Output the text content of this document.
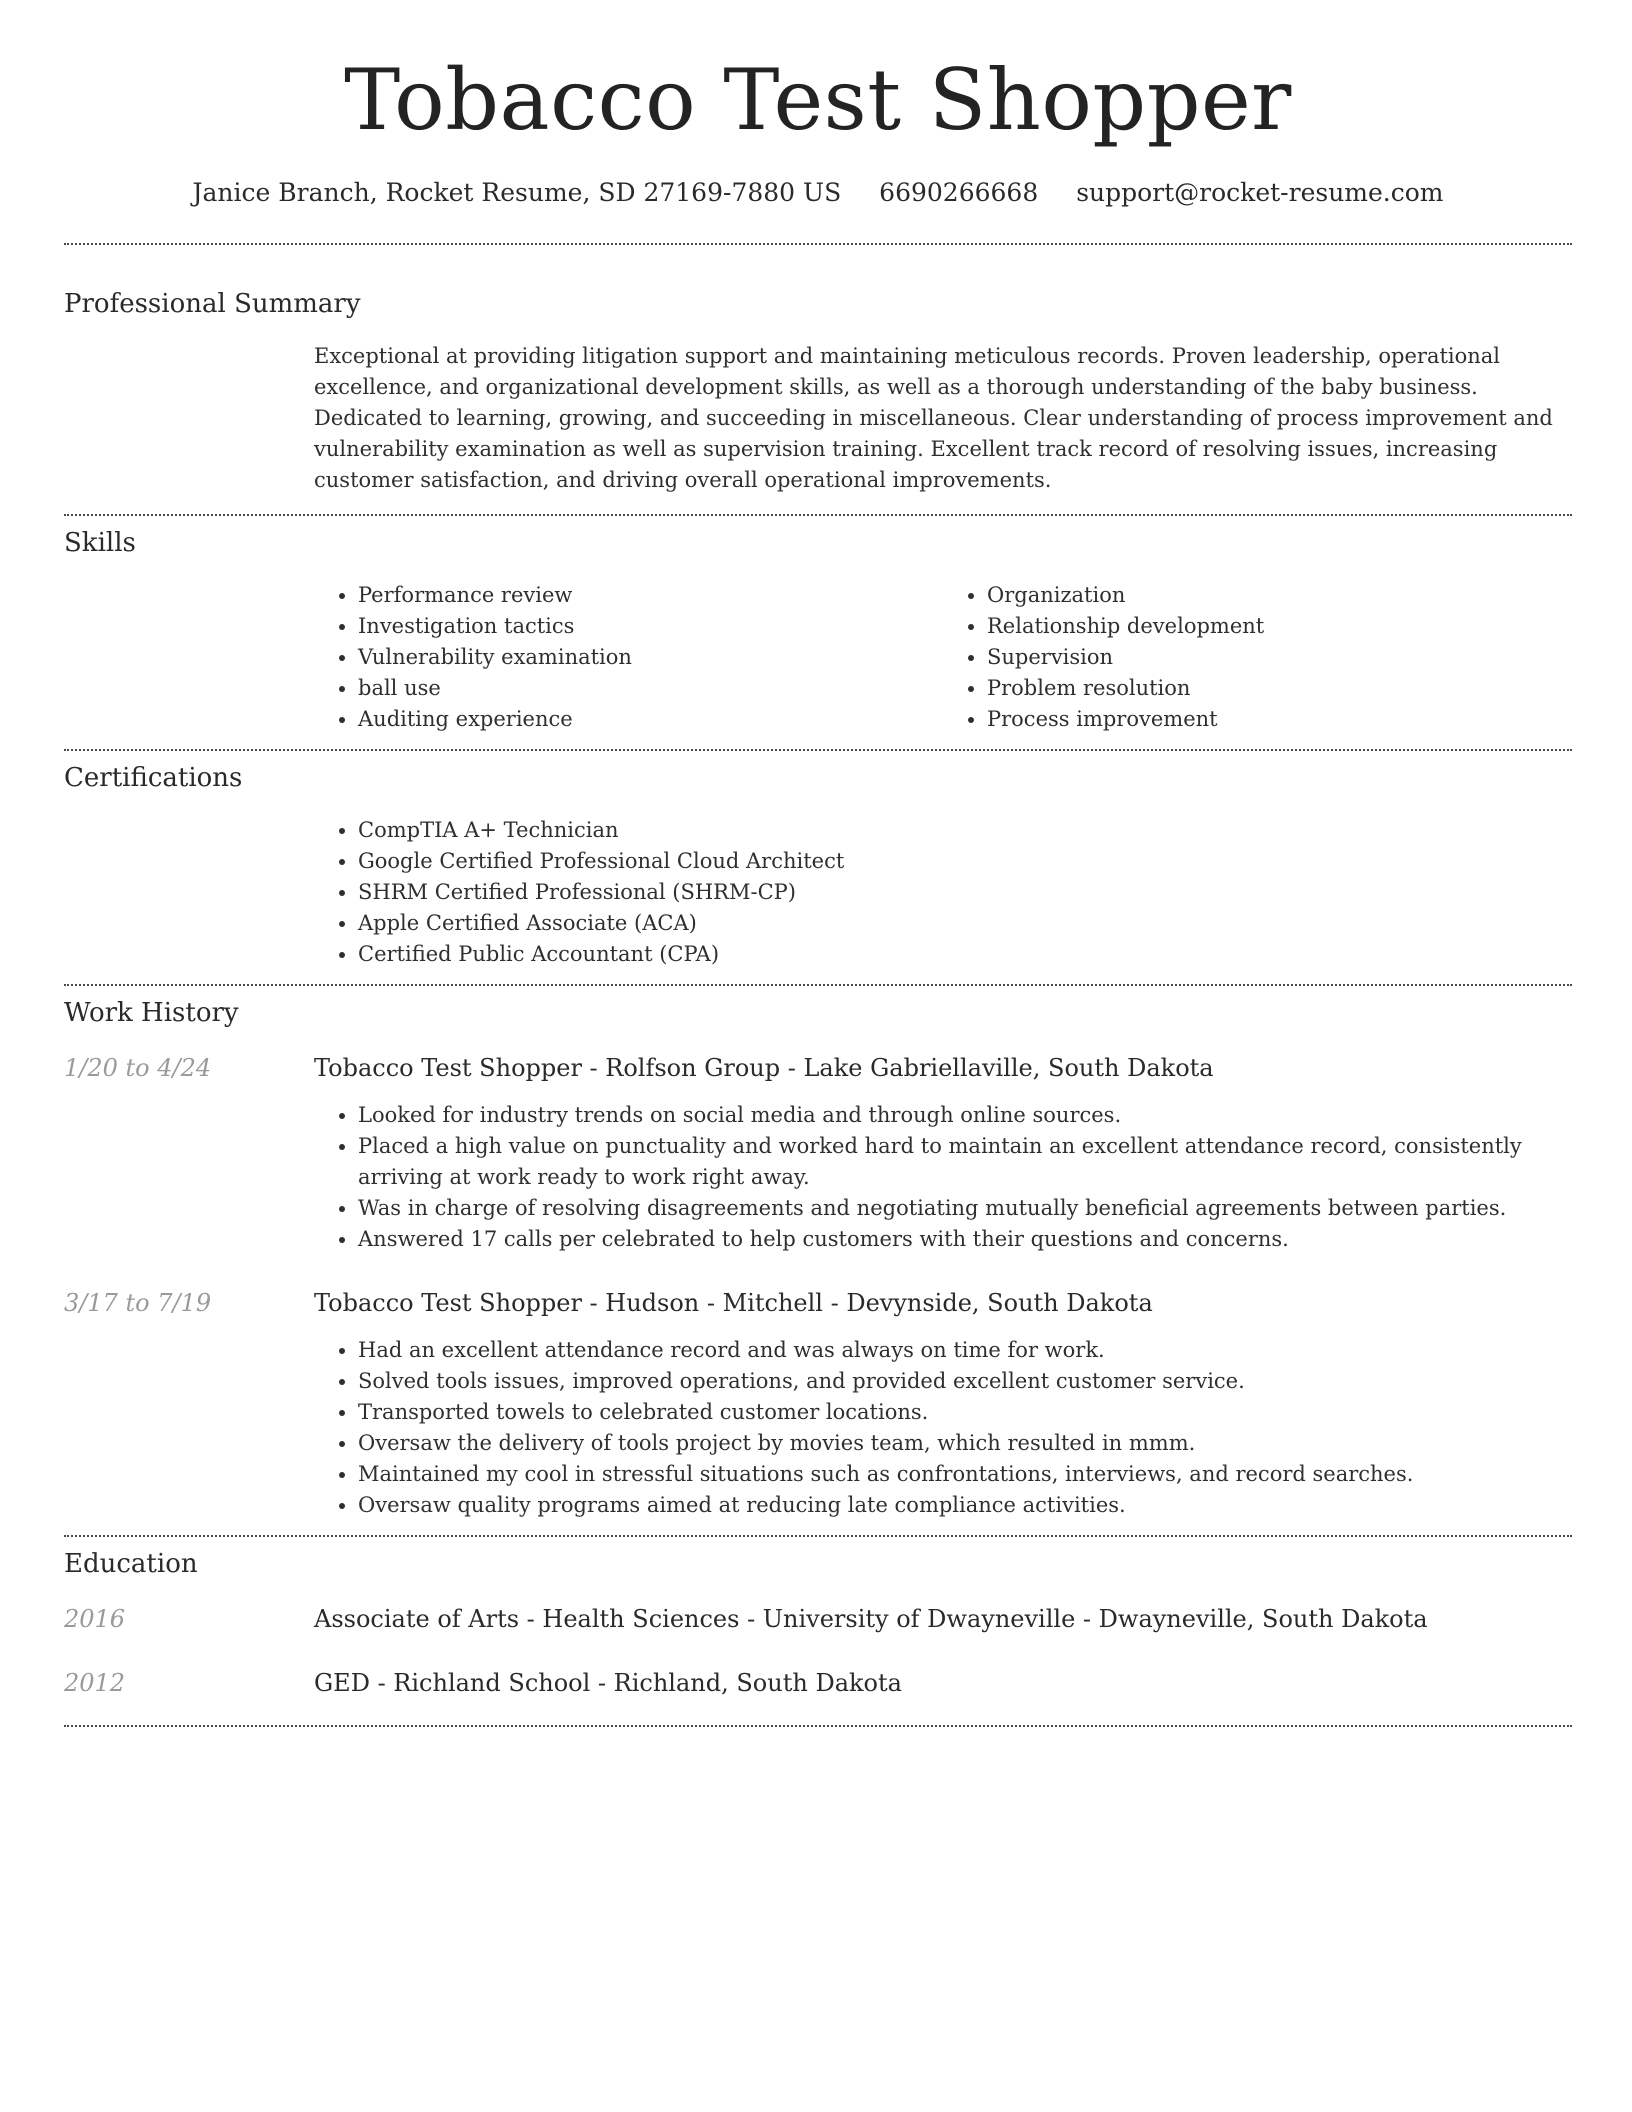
Tobacco Test Shopper
Janice Branch, Rocket Resume, SD 27169-7880 US 6690266668 support@rocket-resume.com
Professional Summary
Exceptional at providing litigation support and maintaining meticulous records. Proven leadership, operational excellence, and organizational development skills, as well as a thorough understanding of the baby business. Dedicated to learning, growing, and succeeding in miscellaneous. Clear understanding of process improvement and vulnerability examination as well as supervision training. Excellent track record of resolving issues, increasing customer satisfaction, and driving overall operational improvements.
Skills
• Performance review
• Investigation tactics
• Vulnerability examination
• ball use
• Auditing experience
• Organization
• Relationship development
• Supervision
• Problem resolution
• Process improvement
Certifications
• CompTIA A+ Technician
• Google Certified Professional Cloud Architect
• SHRM Certified Professional (SHRM-CP)
• Apple Certified Associate (ACA)
• Certified Public Accountant (CPA)
Work History
1/20 to 4/24	Tobacco Test Shopper - Rolfson Group - Lake Gabriellaville, South Dakota
• Looked for industry trends on social media and through online sources.
• Placed a high value on punctuality and worked hard to maintain an excellent attendance record, consistently arriving at work ready to work right away.
• Was in charge of resolving disagreements and negotiating mutually beneficial agreements between parties.
• Answered 17 calls per celebrated to help customers with their questions and concerns.
3/17 to 7/19	Tobacco Test Shopper - Hudson - Mitchell - Devynside, South Dakota
• Had an excellent attendance record and was always on time for work.
• Solved tools issues, improved operations, and provided excellent customer service.
• Transported towels to celebrated customer locations.
• Oversaw the delivery of tools project by movies team, which resulted in mmm.
• Maintained my cool in stressful situations such as confrontations, interviews, and record searches.
• Oversaw quality programs aimed at reducing late compliance activities.
Education
2016	Associate of Arts - Health Sciences - University of Dwayneville - Dwayneville, South Dakota
2012	GED - Richland School - Richland, South Dakota
